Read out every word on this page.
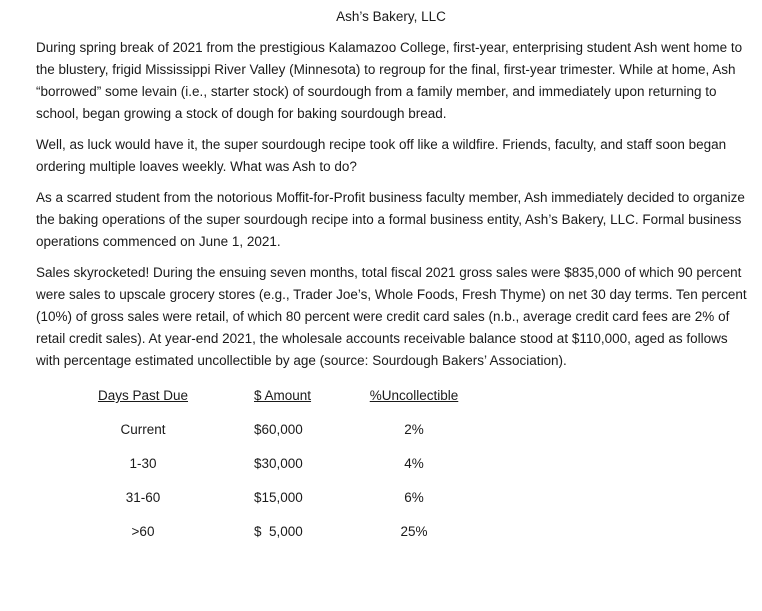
Ash’s Bakery, LLC

During spring break of 2021 from the prestigious Kalamazoo College, first-year, enterprising student Ash went home to the blustery, frigid Mississippi River Valley (Minnesota) to regroup for the final, first-year trimester. While at home, Ash “borrowed” some levain (i.e., starter stock) of sourdough from a family member, and immediately upon returning to school, began growing a stock of dough for baking sourdough bread.

Well, as luck would have it, the super sourdough recipe took off like a wildfire. Friends, faculty, and staff soon began ordering multiple loaves weekly. What was Ash to do?

As a scarred student from the notorious Moffit-for-Profit business faculty member, Ash immediately decided to organize the baking operations of the super sourdough recipe into a formal business entity, Ash’s Bakery, LLC. Formal business operations commenced on June 1, 2021.

Sales skyrocketed! During the ensuing seven months, total fiscal 2021 gross sales were $835,000 of which 90 percent were sales to upscale grocery stores (e.g., Trader Joe’s, Whole Foods, Fresh Thyme) on net 30 day terms. Ten percent (10%) of gross sales were retail, of which 80 percent were credit card sales (n.b., average credit card fees are 2% of retail credit sales). At year-end 2021, the wholesale accounts receivable balance stood at $110,000, aged as follows with percentage estimated uncollectible by age (source: Sourdough Bakers’ Association).

Days Past Due	$ Amount	%Uncollectible
Current	$60,000	2%
1-30	$30,000	4%
31-60	$15,000	6%
>60	$  5,000	25%
